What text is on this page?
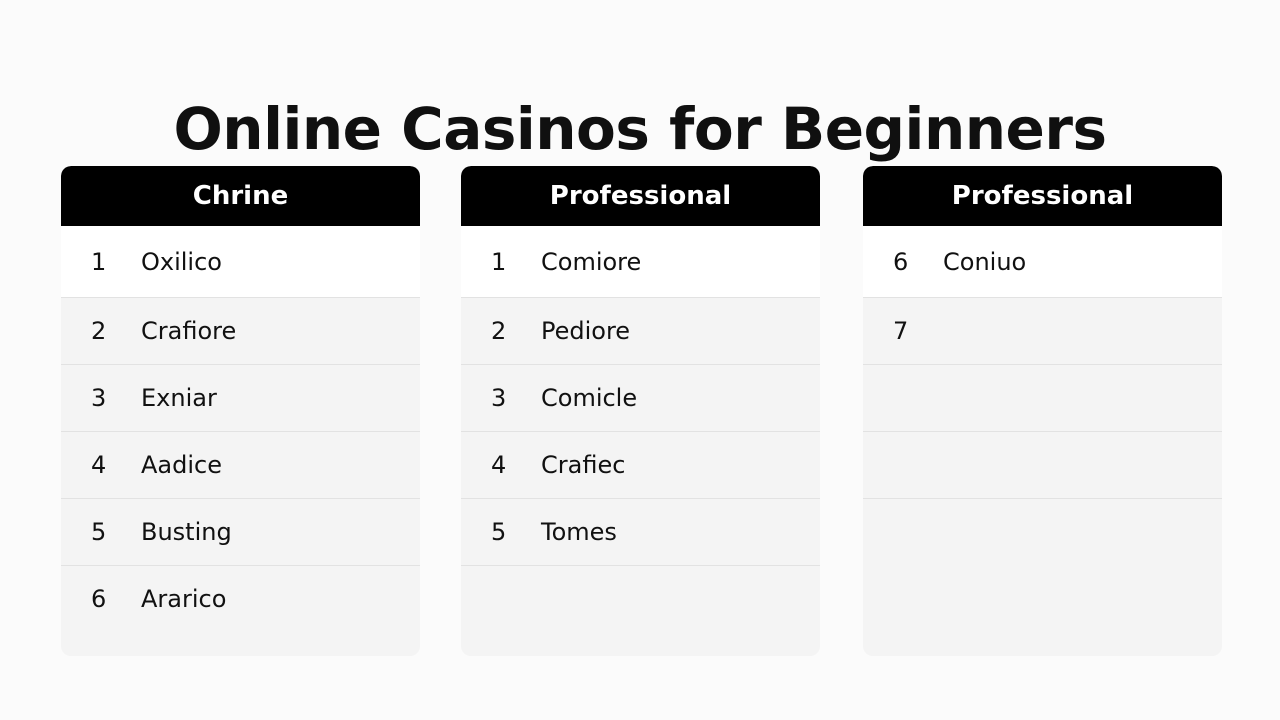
Online Casinos for Beginners
Chrine
1	Oxilico
2	Crafiore
3	Exniar
4	Aadice
5	Busting
6	Ararico
Professional
1	Comiore
2	Pediore
3	Comicle
4	Crafiec
5	Tomes
Professional
6	Coniuo
7
